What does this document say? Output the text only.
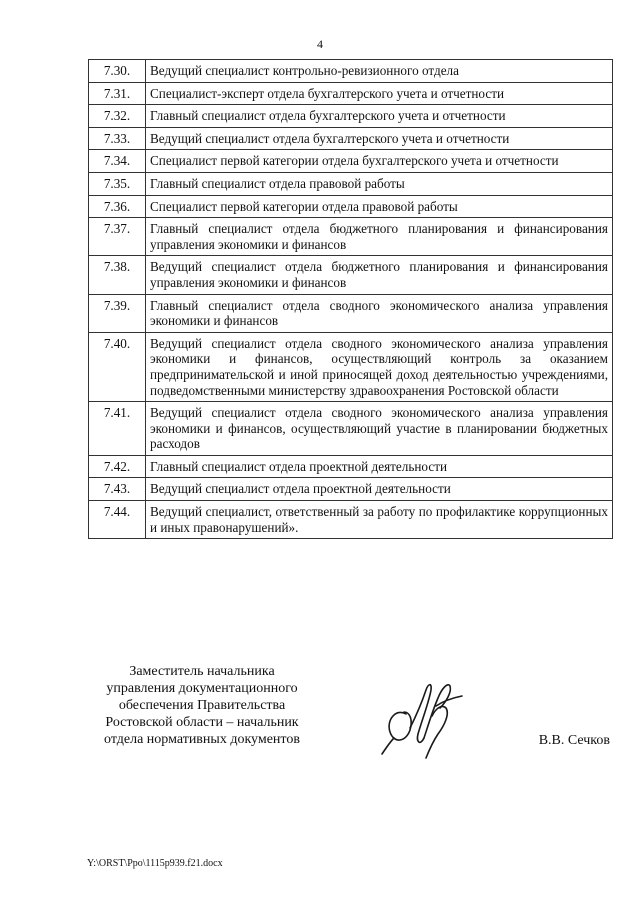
4
7.30.	Ведущий специалист контрольно-ревизионного отдела
7.31.	Специалист-эксперт отдела бухгалтерского учета и отчетности
7.32.	Главный специалист отдела бухгалтерского учета и отчетности
7.33.	Ведущий специалист отдела бухгалтерского учета и отчетности
7.34.	Специалист первой категории отдела бухгалтерского учета и отчетности
7.35.	Главный специалист отдела правовой работы
7.36.	Специалист первой категории отдела правовой работы
7.37.	Главный специалист отдела бюджетного планирования и финансирования управления экономики и финансов
7.38.	Ведущий специалист отдела бюджетного планирования и финансирования управления экономики и финансов
7.39.	Главный специалист отдела сводного экономического анализа управления экономики и финансов
7.40.	Ведущий специалист отдела сводного экономического анализа управления экономики и финансов, осуществляющий контроль за оказанием предпринимательской и иной приносящей доход деятельностью учреждениями, подведомственными министерству здравоохранения Ростовской области
7.41.	Ведущий специалист отдела сводного экономического анализа управления экономики и финансов, осуществляющий участие в планировании бюджетных расходов
7.42.	Главный специалист отдела проектной деятельности
7.43.	Ведущий специалист отдела проектной деятельности
7.44.	Ведущий специалист, ответственный за работу по профилактике коррупционных и иных правонарушений».
Заместитель начальника
управления документационного
обеспечения Правительства
Ростовской области – начальник
отдела нормативных документов	В.В. Сечков
Y:\ORST\Ppo\1115p939.f21.docx
